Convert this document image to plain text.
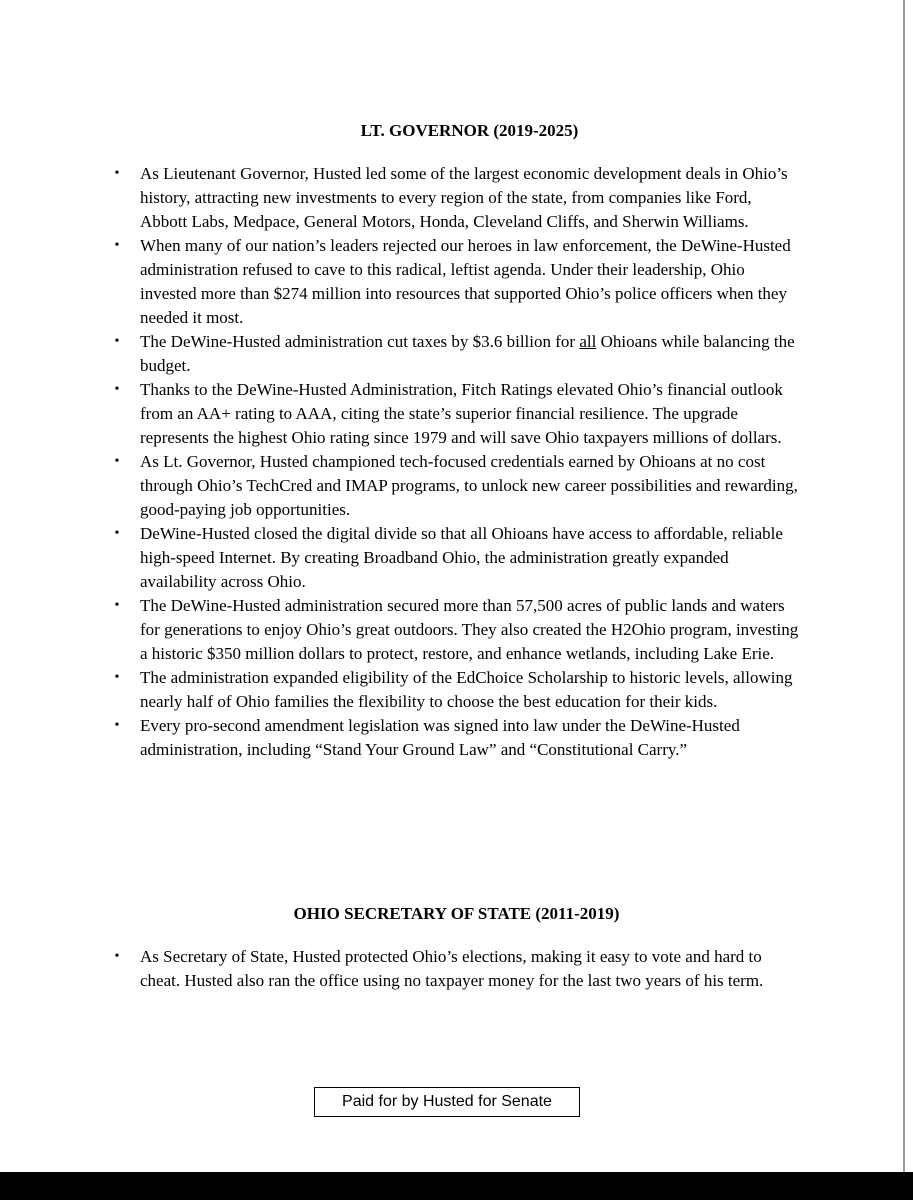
LT. GOVERNOR (2019-2025)
• As Lieutenant Governor, Husted led some of the largest economic development deals in Ohio’s history, attracting new investments to every region of the state, from companies like Ford, Abbott Labs, Medpace, General Motors, Honda, Cleveland Cliffs, and Sherwin Williams.
• When many of our nation’s leaders rejected our heroes in law enforcement, the DeWine-Husted administration refused to cave to this radical, leftist agenda. Under their leadership, Ohio invested more than $274 million into resources that supported Ohio’s police officers when they needed it most.
• The DeWine-Husted administration cut taxes by $3.6 billion for all Ohioans while balancing the budget.
• Thanks to the DeWine-Husted Administration, Fitch Ratings elevated Ohio’s financial outlook from an AA+ rating to AAA, citing the state’s superior financial resilience. The upgrade represents the highest Ohio rating since 1979 and will save Ohio taxpayers millions of dollars.
• As Lt. Governor, Husted championed tech-focused credentials earned by Ohioans at no cost through Ohio’s TechCred and IMAP programs, to unlock new career possibilities and rewarding, good-paying job opportunities.
• DeWine-Husted closed the digital divide so that all Ohioans have access to affordable, reliable high-speed Internet. By creating Broadband Ohio, the administration greatly expanded availability across Ohio.
• The DeWine-Husted administration secured more than 57,500 acres of public lands and waters for generations to enjoy Ohio’s great outdoors. They also created the H2Ohio program, investing a historic $350 million dollars to protect, restore, and enhance wetlands, including Lake Erie.
• The administration expanded eligibility of the EdChoice Scholarship to historic levels, allowing nearly half of Ohio families the flexibility to choose the best education for their kids.
• Every pro-second amendment legislation was signed into law under the DeWine-Husted administration, including “Stand Your Ground Law” and “Constitutional Carry.”
OHIO SECRETARY OF STATE (2011-2019)
• As Secretary of State, Husted protected Ohio’s elections, making it easy to vote and hard to cheat. Husted also ran the office using no taxpayer money for the last two years of his term.
Paid for by Husted for Senate
